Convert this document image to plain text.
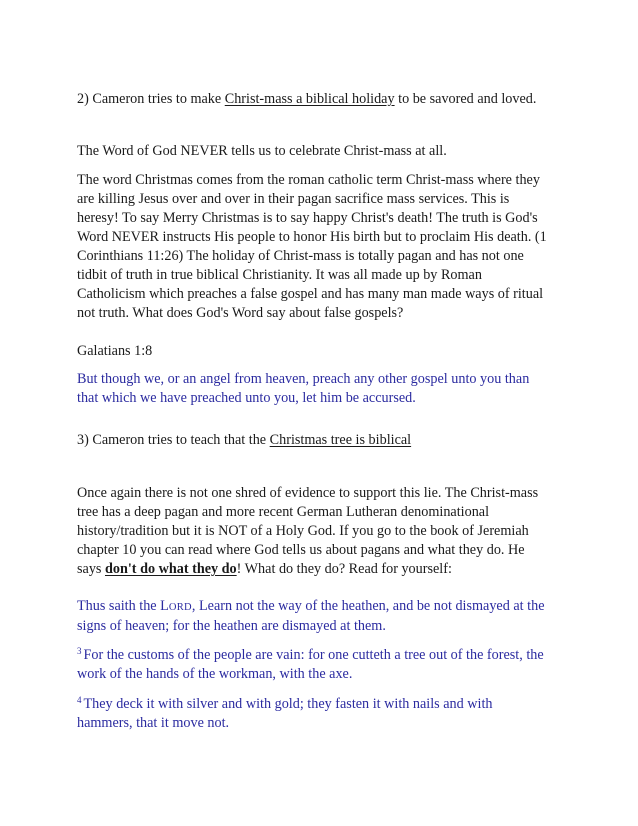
2) Cameron tries to make Christ-mass a biblical holiday to be savored and loved.

The Word of God NEVER tells us to celebrate Christ-mass at all.

The word Christmas comes from the roman catholic term Christ-mass where they
are killing Jesus over and over in their pagan sacrifice mass services. This is
heresy! To say Merry Christmas is to say happy Christ's death! The truth is God's
Word NEVER instructs His people to honor His birth but to proclaim His death. (1
Corinthians 11:26) The holiday of Christ-mass is totally pagan and has not one
tidbit of truth in true biblical Christianity. It was all made up by Roman
Catholicism which preaches a false gospel and has many man made ways of ritual
not truth. What does God's Word say about false gospels?

Galatians 1:8

But though we, or an angel from heaven, preach any other gospel unto you than
that which we have preached unto you, let him be accursed.

3) Cameron tries to teach that the Christmas tree is biblical

Once again there is not one shred of evidence to support this lie. The Christ-mass
tree has a deep pagan and more recent German Lutheran denominational
history/tradition but it is NOT of a Holy God. If you go to the book of Jeremiah
chapter 10 you can read where God tells us about pagans and what they do. He
says don't do what they do! What do they do? Read for yourself:
Thus saith the LORD, Learn not the way of the heathen, and be not dismayed at the
signs of heaven; for the heathen are dismayed at them.
$^3$ For the customs of the people are vain: for one cutteth a tree out of the forest, the
work of the hands of the workman, with the axe.
$^4$ They deck it with silver and with gold; they fasten it with nails and with
hammers, that it move not.
